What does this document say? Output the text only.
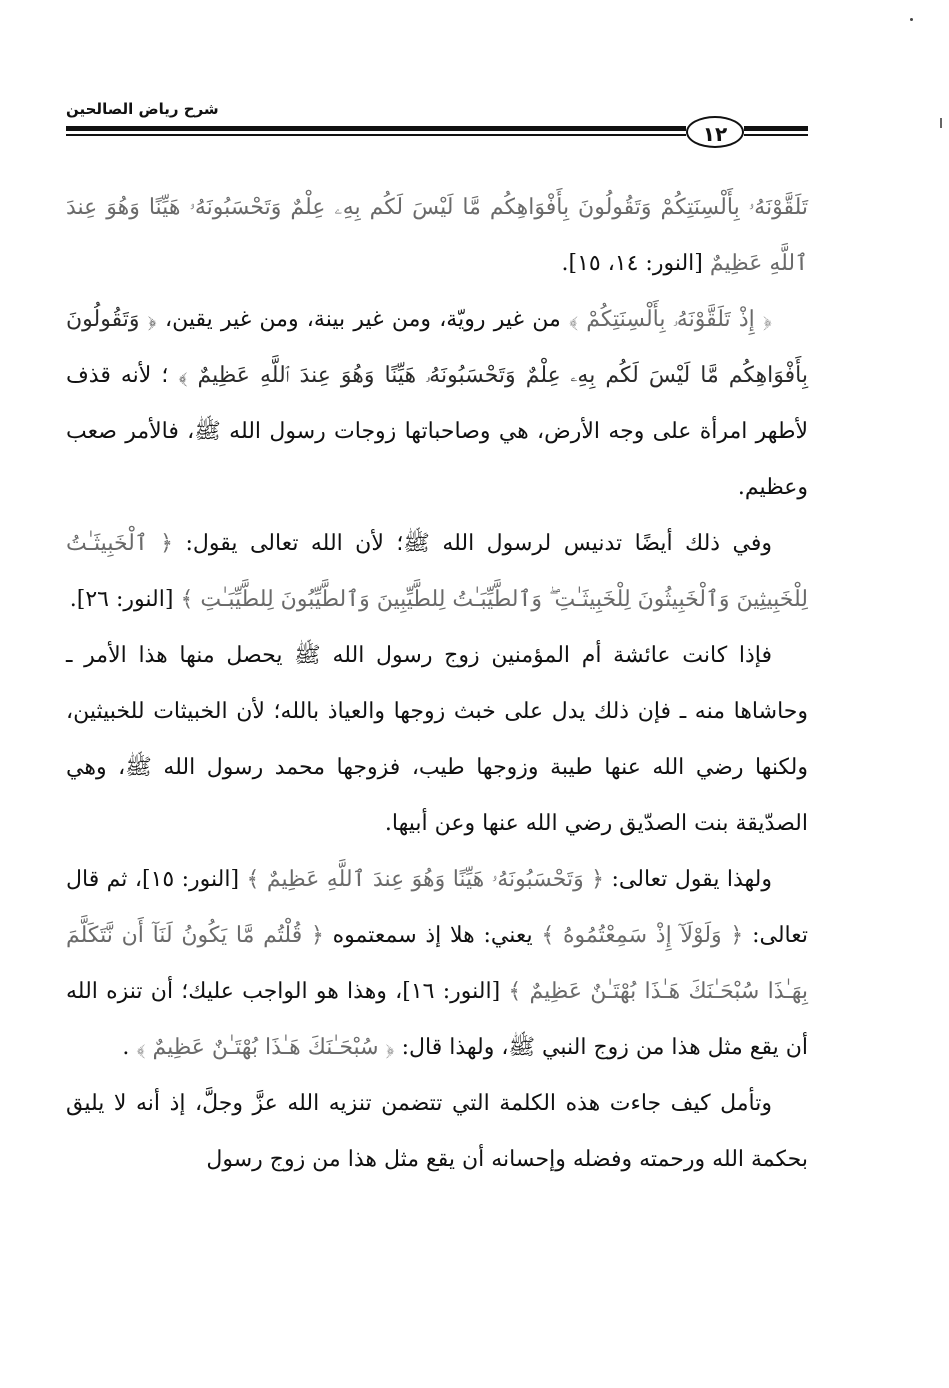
شرح رياض الصالحين
١٢

تَلَقَّوْنَهُۥ بِأَلْسِنَتِكُمْ وَتَقُولُونَ بِأَفْوَاهِكُم مَّا لَيْسَ لَكُم بِهِۦ عِلْمٌ وَتَحْسَبُونَهُۥ هَيِّنًا وَهُوَ عِندَ ٱللَّهِ عَظِيمٌ [النور: ١٤، ١٥].

﴿ إِذْ تَلَقَّوْنَهُۥ بِأَلْسِنَتِكُمْ ﴾ من غير رويّة، ومن غير بينة، ومن غير يقين، ﴿ وَتَقُولُونَ بِأَفْوَاهِكُم مَّا لَيْسَ لَكُم بِهِۦ عِلْمٌ وَتَحْسَبُونَهُۥ هَيِّنًا وَهُوَ عِندَ ٱللَّهِ عَظِيمٌ ﴾ ؛ لأنه قذف لأطهر امرأة على وجه الأرض، هي وصاحباتها زوجات رسول الله ﷺ، فالأمر صعب وعظيم.

وفي ذلك أيضًا تدنيس لرسول الله ﷺ؛ لأن الله تعالى يقول: ﴿ ٱلْخَبِيثَـٰتُ لِلْخَبِيثِينَ وَٱلْخَبِيثُونَ لِلْخَبِيثَـٰتِ ۖ وَٱلطَّيِّبَـٰتُ لِلطَّيِّبِينَ وَٱلطَّيِّبُونَ لِلطَّيِّبَـٰتِ ﴾ [النور: ٢٦].

فإذا كانت عائشة أم المؤمنين زوج رسول الله ﷺ يحصل منها هذا الأمر ـ وحاشاها منه ـ فإن ذلك يدل على خبث زوجها والعياذ بالله؛ لأن الخبيثات للخبيثين، ولكنها رضي الله عنها طيبة وزوجها طيب، فزوجها محمد رسول الله ﷺ، وهي الصدّيقة بنت الصدّيق رضي الله عنها وعن أبيها.

ولهذا يقول تعالى: ﴿ وَتَحْسَبُونَهُۥ هَيِّنًا وَهُوَ عِندَ ٱللَّهِ عَظِيمٌ ﴾ [النور: ١٥]، ثم قال تعالى: ﴿ وَلَوْلَآ إِذْ سَمِعْتُمُوهُ ﴾ يعني: هلا إذ سمعتموه ﴿ قُلْتُم مَّا يَكُونُ لَنَآ أَن نَّتَكَلَّمَ بِهَـٰذَا سُبْحَـٰنَكَ هَـٰذَا بُهْتَـٰنٌ عَظِيمٌ ﴾ [النور: ١٦]، وهذا هو الواجب عليك؛ أن تنزه الله أن يقع مثل هذا من زوج النبي ﷺ، ولهذا قال: ﴿ سُبْحَـٰنَكَ هَـٰذَا بُهْتَـٰنٌ عَظِيمٌ ﴾ .

وتأمل كيف جاءت هذه الكلمة التي تتضمن تنزيه الله عزَّ وجلَّ، إذ أنه لا يليق بحكمة الله ورحمته وفضله وإحسانه أن يقع مثل هذا من زوج رسول
